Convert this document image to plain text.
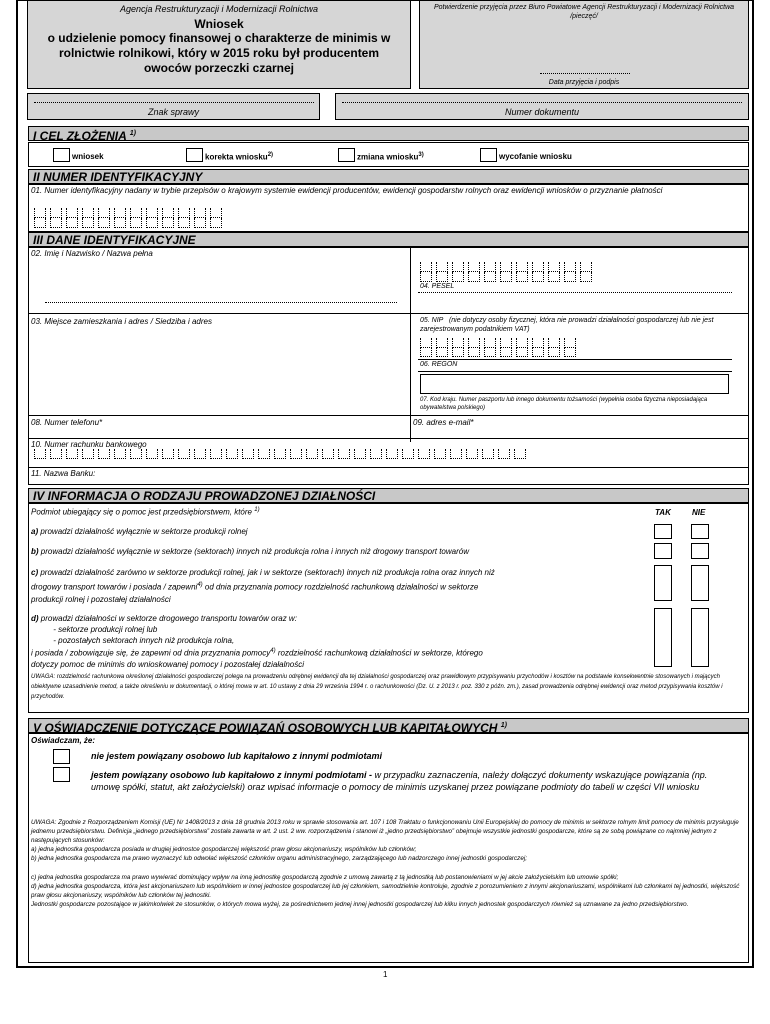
Agencja Restrukturyzacji i Modernizacji Rolnictwa
Wniosek
o udzielenie pomocy finansowej o charakterze de minimis w rolnictwie rolnikowi, który w 2015 roku był producentem owoców porzeczki czarnej
Potwierdzenie przyjęcia przez Biuro Powiatowe Agencji Restrukturyzacji i Modernizacji Rolnictwa /pieczęć/
Data przyjęcia i podpis
Znak sprawy	Numer dokumentu
I CEL ZŁOŻENIA $^{1)}$
wniosek	korekta wniosku$^{2)}$	zmiana wniosku$^{3)}$	wycofanie wniosku
II NUMER IDENTYFIKACYJNY
01. Numer identyfikacyjny nadany w trybie przepisów o krajowym systemie ewidencji producentów, ewidencji gospodarstw rolnych oraz ewidencji wniosków o przyznanie płatności
III DANE IDENTYFIKACYJNE
02. Imię i Nazwisko / Nazwa pełna
03. Miejsce zamieszkania i adres / Siedziba i adres
04. PESEL
05. NIP (nie dotyczy osoby fizycznej, która nie prowadzi działalności gospodarczej lub nie jest zarejestrowanym podatnikiem VAT)
06. REGON
07. Kod kraju. Numer paszportu lub innego dokumentu tożsamości (wypełnia osoba fizyczna nieposiadająca obywatelstwa polskiego)
08. Numer telefonu*	09. adres e-mail*
10. Numer rachunku bankowego
11. Nazwa Banku:
IV INFORMACJA O RODZAJU PROWADZONEJ DZIAŁNOŚCI
Podmiot ubiegający się o pomoc jest przedsiębiorstwem, które $^{1)}$	TAK	NIE
a) prowadzi działalność wyłącznie w sektorze produkcji rolnej
b) prowadzi działalność wyłącznie w sektorze (sektorach) innych niż produkcja rolna i innych niż drogowy transport towarów
c) prowadzi działalność zarówno w sektorze produkcji rolnej, jak i w sektorze (sektorach) innych niż produkcja rolna oraz innych niż
drogowy transport towarów i posiada / zapewni$^{4)}$ od dnia przyznania pomocy rozdzielność rachunkową działalności w sektorze
produkcji rolnej i pozostałej działalności
d) prowadzi działalności w sektorze drogowego transportu towarów oraz w:
- sektorze produkcji rolnej lub
- pozostałych sektorach innych niż produkcja rolna,
i posiada / zobowiązuje się, że zapewni od dnia przyznania pomocy$^{4)}$ rozdzielność rachunkową działalności w sektorze, którego
dotyczy pomoc de minimis do wnioskowanej pomocy i pozostałej działalności
UWAGA: rozdzielność rachunkowa określonej działalności gospodarczej polega na prowadzeniu odrębnej ewidencji dla tej działalności gospodarczej oraz prawidłowym przypisywaniu przychodów i kosztów na podstawie konsekwentnie stosowanych i mających obiektywne uzasadnienie metod, a także określeniu w dokumentacji, o której mowa w art. 10 ustawy z dnia 29 września 1994 r. o rachunkowości (Dz. U. z 2013 r. poz. 330 z późn. zm.), zasad prowadzenia odrębnej ewidencji oraz metod przypisywania kosztów i przychodów.
V OŚWIADCZENIE DOTYCZĄCE POWIĄZAŃ OSOBOWYCH LUB KAPITAŁOWYCH $^{1)}$
Oświadczam, że:
nie jestem powiązany osobowo lub kapitałowo z innymi podmiotami
jestem powiązany osobowo lub kapitałowo z innymi podmiotami - w przypadku zaznaczenia, należy dołączyć dokumenty wskazujące powiązania (np. umowę spółki, statut, akt założycielski) oraz wpisać informacje o pomocy de minimis uzyskanej przez powiązane podmioty do tabeli w części VII wniosku
UWAGA: Zgodnie z Rozporządzeniem Komisji (UE) Nr 1408/2013 z dnia 18 grudnia 2013 roku w sprawie stosowania art. 107 i 108 Traktatu o funkcjonowaniu Unii Europejskiej do pomocy de minimis w sektorze rolnym limit pomocy de minimis przysługuje jednemu przedsiębiorstwu. Definicja „jednego przedsiębiorstwa” została zawarta w art. 2 ust. 2 ww. rozporządzenia i stanowi iż „jedno przedsiębiorstwo” obejmuje wszystkie jednostki gospodarcze, które są ze sobą powiązane co najmniej jednym z następujących stosunków:
a) jedna jednostka gospodarcza posiada w drugiej jednostce gospodarczej większość praw głosu akcjonariuszy, wspólników lub członków;
b) jedna jednostka gospodarcza ma prawo wyznaczyć lub odwołać większość członków organu administracyjnego, zarządzającego lub nadzorczego innej jednostki gospodarczej;
c) jedna jednostka gospodarcza ma prawo wywierać dominujący wpływ na inną jednostkę gospodarczą zgodnie z umową zawartą z tą jednostką lub postanowieniami w jej akcie założycielskim lub umowie spółki;
d) jedna jednostka gospodarcza, która jest akcjonariuszem lub wspólnikiem w innej jednostce gospodarczej lub jej członkiem, samodzielnie kontroluje, zgodnie z porozumieniem z innymi akcjonariuszami, wspólnikami lub członkami tej jednostki, większość praw głosu akcjonariuszy, wspólników lub członków tej jednostki.
Jednostki gospodarcze pozostające w jakimkolwiek ze stosunków, o których mowa wyżej, za pośrednictwem jednej innej jednostki gospodarczej lub kilku innych jednostek gospodarczych również są uznawane za jedno przedsiębiorstwo.
1
